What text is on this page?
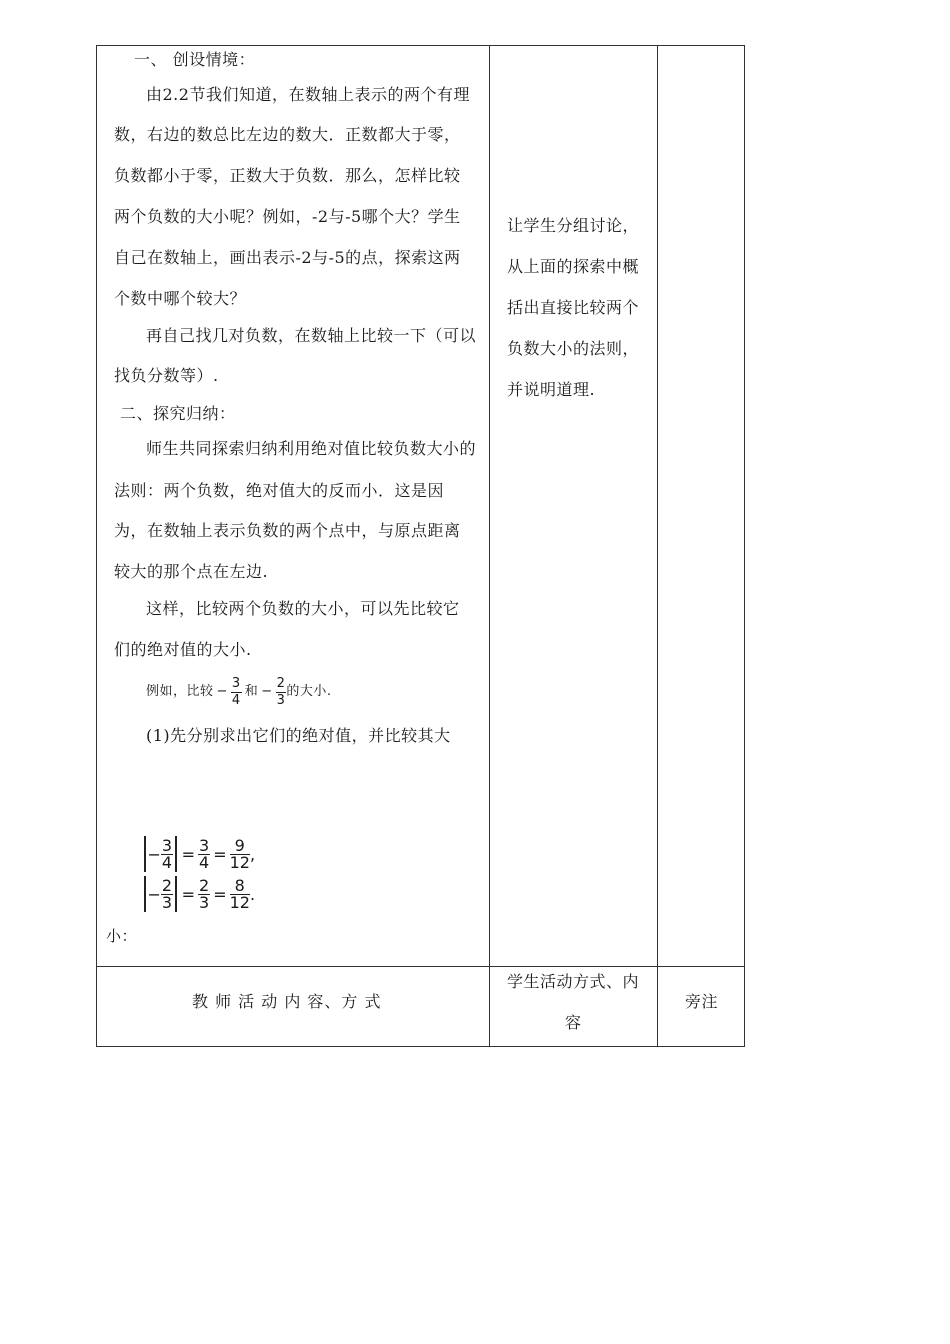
一、 创设情境：
由2.2节我们知道，在数轴上表示的两个有理
数，右边的数总比左边的数大．正数都大于零，
负数都小于零，正数大于负数．那么，怎样比较
两个负数的大小呢？例如，-2与-5哪个大？学生
自己在数轴上，画出表示-2与-5的点，探索这两
个数中哪个较大？
再自己找几对负数，在数轴上比较一下（可以
找负分数等）.
二、探究归纳：
师生共同探索归纳利用绝对值比较负数大小的
法则：两个负数，绝对值大的反而小．这是因
为，在数轴上表示负数的两个点中，与原点距离
较大的那个点在左边.
这样，比较两个负数的大小，可以先比较它
们的绝对值的大小.
例如，比较 − $\frac{3}{4}$ 和 − $\frac{2}{3}$ 的大小.
(1)先分别求出它们的绝对值，并比较其大
− $\frac{3}{4} = \frac{3}{4} = \frac{9}{12}$ ,
− $\frac{2}{3} = \frac{2}{3} = \frac{8}{12}$ .
小：
让学生分组讨论，
从上面的探索中概
括出直接比较两个
负数大小的法则，
并说明道理.
教 师 活 动 内 容、方 式
学生活动方式、内
容
旁注
